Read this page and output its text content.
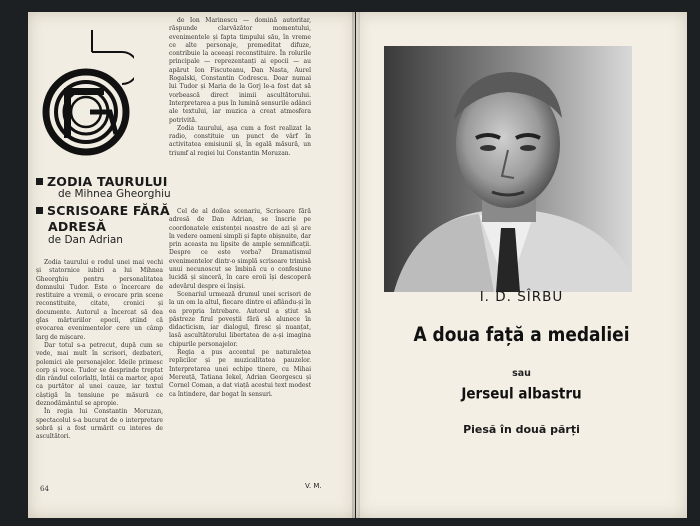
ZODIA TAURULUI
de Mihnea Gheorghiu
SCRISOARE FĂRĂ
ADRESĂ
de Dan Adrian

Zodia taurului e rodul unei mai vechi și statornice iubiri a lui Mihnea Gheorghiu pentru personalitatea domnului Tudor. Este o încercare de restituire a vremii, o evocare prin scene reconstituite, citate, cronici și documente. Autorul a încercat să dea glas mărturiilor epocii, știind că evocarea evenimentelor cere un câmp larg de mișcare.

Dar totul s-a petrecut, după cum se vede, mai mult în scrisori, dezbateri, polemici ale personajelor. Ideile primesc corp și voce. Tudor se desprinde treptat din rândul celorlalți, întâi ca martor, apoi ca purtător al unei cauze, iar textul câștigă în tensiune pe măsură ce deznodământul se apropie.

În regia lui Constantin Moruzan, spectacolul s-a bucurat de o interpretare sobră și a fost urmărit cu interes de ascultători.

de Ion Marinescu — domină autoritar, răspunde clarvăzător momentului, evenimentele și fapta timpului său, în vreme ce alte personaje, premeditat difuze, contribuie la aceeași reconstituire. În rolurile principale — reprezentanți ai epocii — au apărut Ion Fiscuteanu, Dan Nasta, Aurel Rogalski, Constantin Codrescu. Doar numai lui Tudor și Maria de la Gorj le-a fost dat să vorbească direct inimii ascultătorului. Interpretarea a pus în lumină sensurile adânci ale textului, iar muzica a creat atmosfera potrivită.

Zodia taurului, așa cum a fost realizat la radio, constituie un punct de vârf în activitatea emisiunii și, în egală măsură, un triumf al regiei lui Constantin Moruzan.

Cel de al doilea scenariu, Scrisoare fără adresă de Dan Adrian, se înscrie pe coordonatele existenței noastre de azi și are în vedere oameni simpli și fapte obișnuite, dar prin aceasta nu lipsite de ample semnificații. Despre ce este vorba? Dramatismul evenimentelor dintr-o simplă scrisoare trimisă unui necunoscut se îmbină cu o confesiune lucidă și sinceră, în care eroii își descoperă adevărul despre ei înșiși.

Scenariul urmează drumul unei scrisori de la un om la altul, fiecare dintre ei aflându-și în ea propria întrebare. Autorul a știut să păstreze firul poveștii fără să alunece în didacticism, iar dialogul, firesc și nuanțat, lasă ascultătorului libertatea de a-și imagina chipurile personajelor.

Regia a pus accentul pe naturalețea replicilor și pe muzicalitatea pauzelor. Interpretarea unei echipe tinere, cu Mihai Mereuță, Tatiana Iekel, Adrian Georgescu și Cornel Coman, a dat viață acestui text modest ca întindere, dar bogat în sensuri.

V. M.
64
I. D. SÎRBU
A doua față a medaliei
sau
Jerseul albastru
Piesă în două părți
